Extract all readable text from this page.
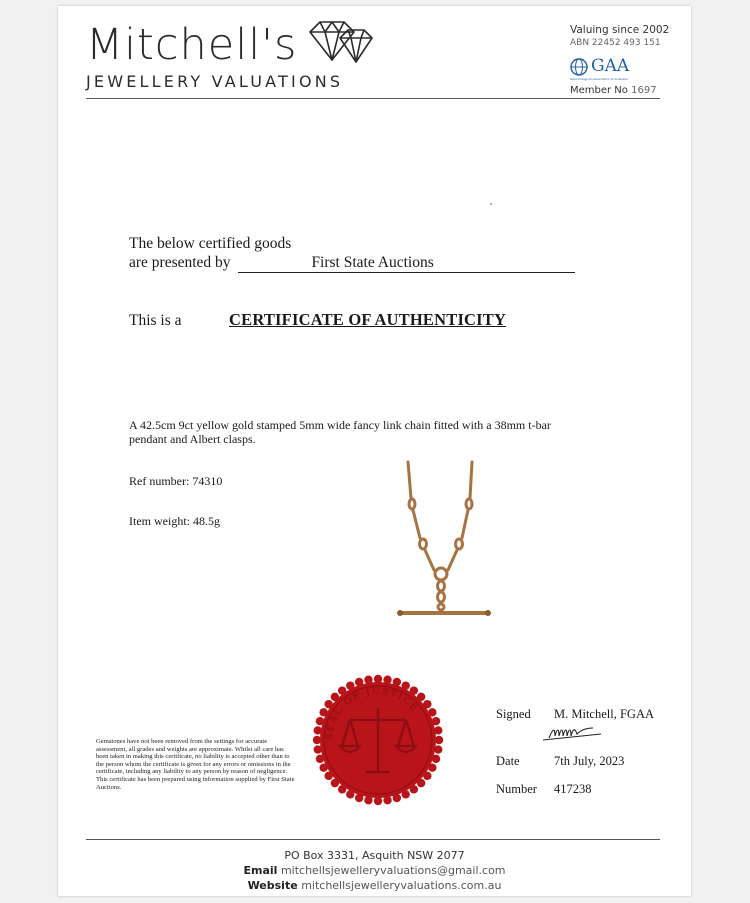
Mitchell's
JEWELLERY VALUATIONS
Valuing since 2002
ABN 22452 493 151
GAA
Gemmological Association of Australia
Member No 1697
The below certified goods
are presented by	First State Auctions
This is a	CERTIFICATE OF AUTHENTICITY
A 42.5cm 9ct yellow gold stamped 5mm wide fancy link chain fitted with a 38mm t-bar pendant and Albert clasps.
Ref number: 74310
Item weight: 48.5g
Gemstones have not been removed from the settings for accurate assessment, all grades and weights are approximate. Whilst all care has been taken in making this certificate, no liability is accepted other than to the person whom the certificate is given for any errors or omissions in the certificate, including any liability to any person by reason of negligence. This certificate has been prepared using information supplied by First State Auctions.
SEAL OF JUSTICE	Signed M. Mitchell, FGAA
Date	7th July, 2023
Number 417238
PO Box 3331, Asquith NSW 2077
Email mitchellsjewelleryvaluations@gmail.com
Website mitchellsjewelleryvaluations.com.au
